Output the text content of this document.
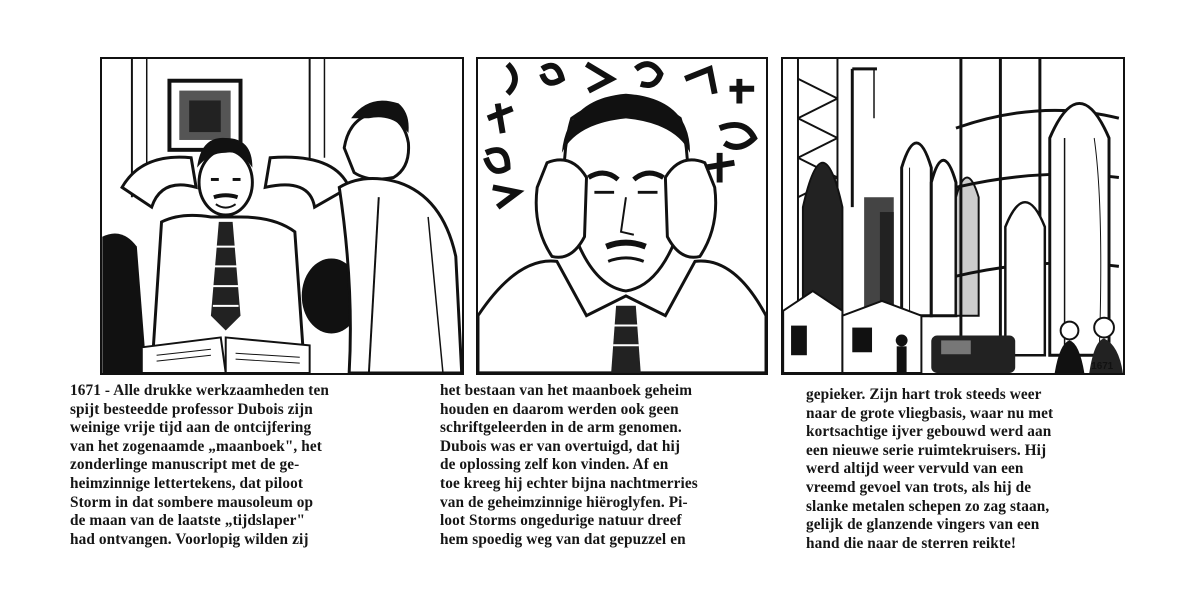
1671
1671 - Alle drukke werkzaamheden ten
spijt besteedde professor Dubois zijn
weinige vrije tijd aan de ontcijfering
van het zogenaamde „maanboek", het
zonderlinge manuscript met de ge-
heimzinnige lettertekens, dat piloot
Storm in dat sombere mausoleum op
de maan van de laatste „tijdslaper"
had ontvangen. Voorlopig wilden zij
het bestaan van het maanboek geheim
houden en daarom werden ook geen
schriftgeleerden in de arm genomen.
Dubois was er van overtuigd, dat hij
de oplossing zelf kon vinden. Af en
toe kreeg hij echter bijna nachtmerries
van de geheimzinnige hiëroglyfen. Pi-
loot Storms ongedurige natuur dreef
hem spoedig weg van dat gepuzzel en
gepieker. Zijn hart trok steeds weer
naar de grote vliegbasis, waar nu met
kortsachtige ijver gebouwd werd aan
een nieuwe serie ruimtekruisers. Hij
werd altijd weer vervuld van een
vreemd gevoel van trots, als hij de
slanke metalen schepen zo zag staan,
gelijk de glanzende vingers van een
hand die naar de sterren reikte!
